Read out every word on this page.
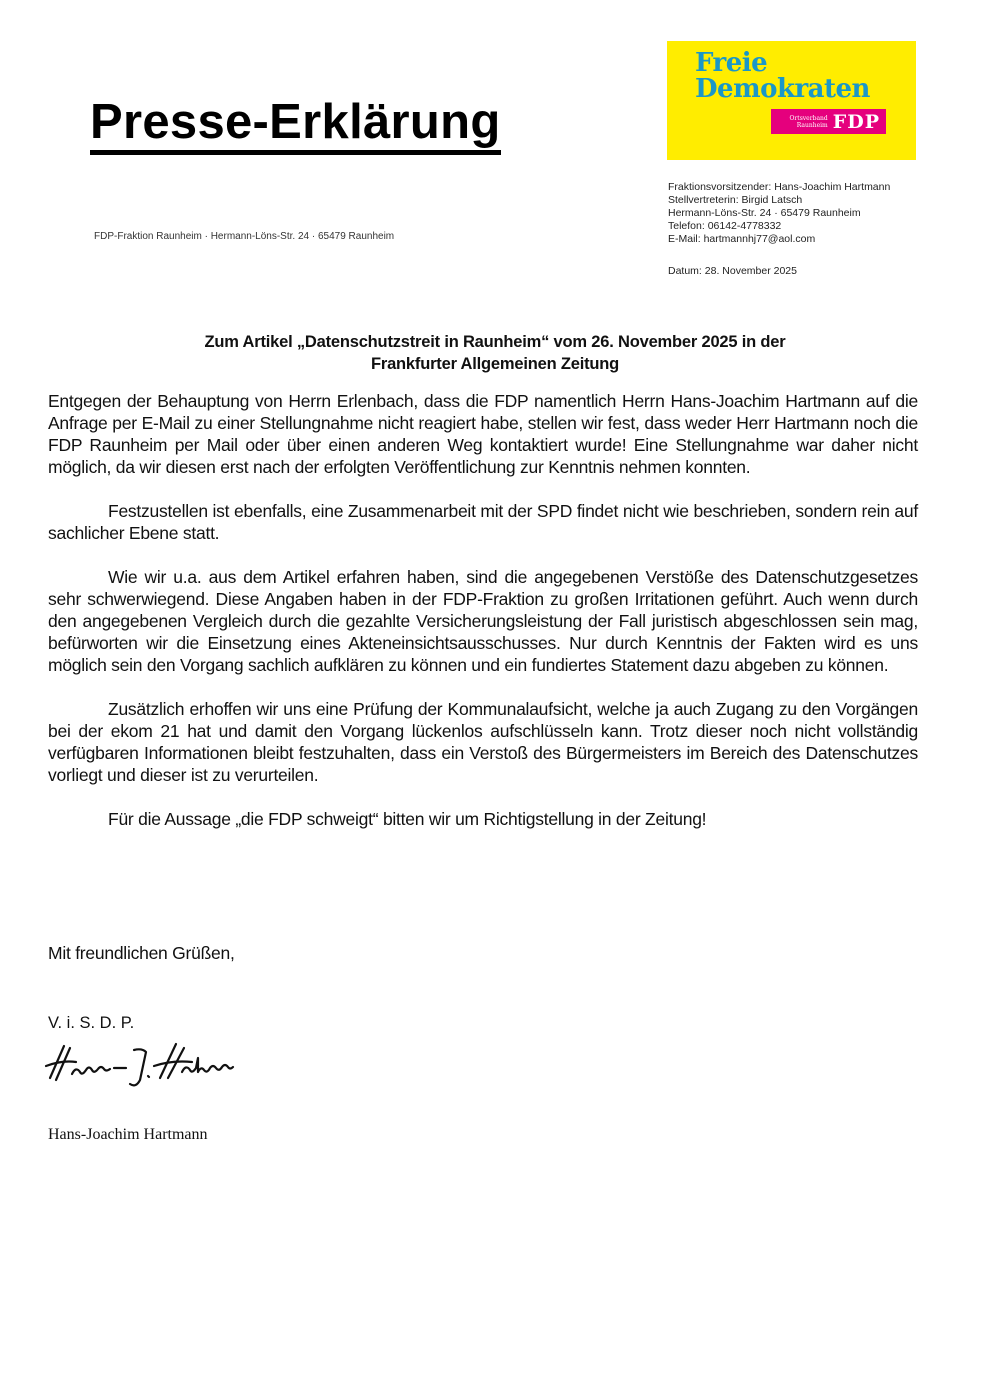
Presse-Erklärung
Freie
Demokraten
Ortsverband
Raunheim FDP
Fraktionsvorsitzender: Hans-Joachim Hartmann
Stellvertreterin: Birgid Latsch
Hermann-Löns-Str. 24 · 65479 Raunheim
Telefon: 06142-4778332
E-Mail: hartmannhj77@aol.com
Datum: 28. November 2025
FDP-Fraktion Raunheim · Hermann-Löns-Str. 24 · 65479 Raunheim
Zum Artikel „Datenschutzstreit in Raunheim“ vom 26. November 2025 in der
Frankfurter Allgemeinen Zeitung

Entgegen der Behauptung von Herrn Erlenbach, dass die FDP namentlich Herrn Hans-Joachim Hartmann auf die Anfrage per E-Mail zu einer Stellungnahme nicht reagiert habe, stellen wir fest, dass weder Herr Hartmann noch die FDP Raunheim per Mail oder über einen anderen Weg kontaktiert wurde! Eine Stellungnahme war daher nicht möglich, da wir diesen erst nach der erfolgten Veröffentlichung zur Kenntnis nehmen konnten.

Festzustellen ist ebenfalls, eine Zusammenarbeit mit der SPD findet nicht wie beschrieben, sondern rein auf sachlicher Ebene statt.

Wie wir u.a. aus dem Artikel erfahren haben, sind die angegebenen Verstöße des Datenschutzgesetzes sehr schwerwiegend. Diese Angaben haben in der FDP-Fraktion zu großen Irritationen geführt. Auch wenn durch den angegebenen Vergleich durch die gezahlte Versicherungsleistung der Fall juristisch abgeschlossen sein mag, befürworten wir die Einsetzung eines Akteneinsichtsausschusses. Nur durch Kenntnis der Fakten wird es uns möglich sein den Vorgang sachlich aufklären zu können und ein fundiertes Statement dazu abgeben zu können.

Zusätzlich erhoffen wir uns eine Prüfung der Kommunalaufsicht, welche ja auch Zugang zu den Vorgängen bei der ekom 21 hat und damit den Vorgang lückenlos aufschlüsseln kann. Trotz dieser noch nicht vollständig verfügbaren Informationen bleibt festzuhalten, dass ein Verstoß des Bürgermeisters im Bereich des Datenschutzes vorliegt und dieser ist zu verurteilen.

Für die Aussage „die FDP schweigt“ bitten wir um Richtigstellung in der Zeitung!

Mit freundlichen Grüßen,
V. i. S. D. P.
Hans-Joachim Hartmann
